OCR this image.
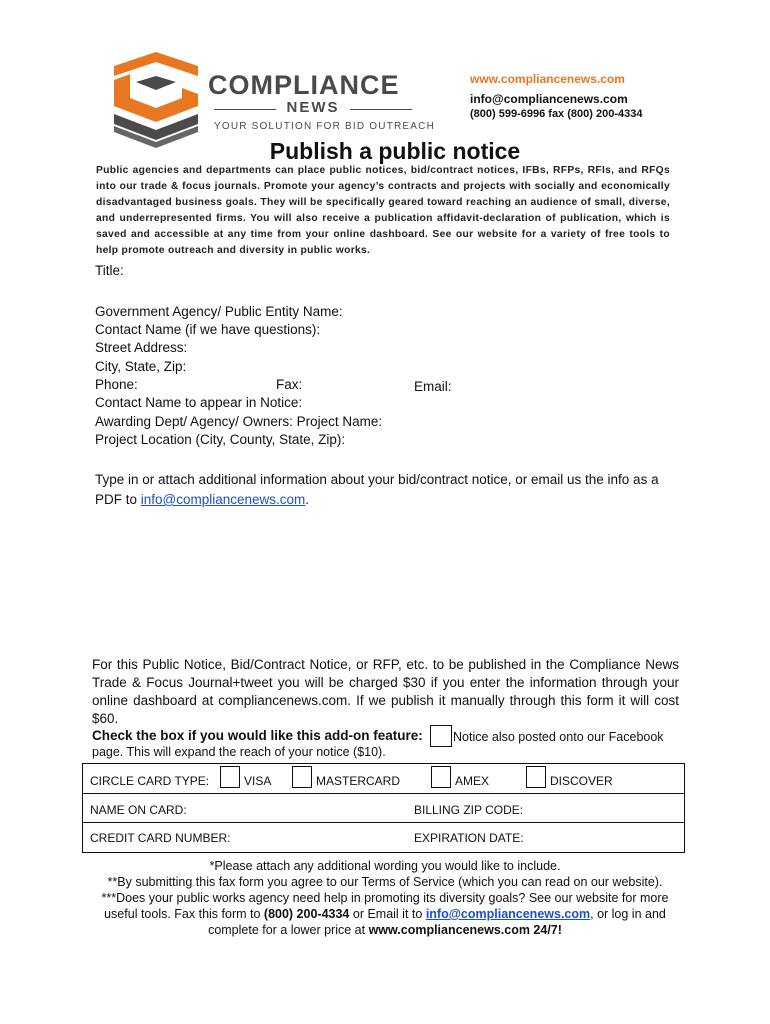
COMPLIANCE
NEWS
YOUR SOLUTION FOR BID OUTREACH
www.compliancenews.com
info@compliancenews.com
(800) 599-6996 fax (800) 200-4334
Publish a public notice
Public agencies and departments can place public notices, bid/contract notices, IFBs, RFPs, RFIs, and RFQs into our trade & focus journals. Promote your agency’s contracts and projects with socially and economically disadvantaged business goals. They will be specifically geared toward reaching an audience of small, diverse, and underrepresented firms. You will also receive a publication affidavit-declaration of publication, which is saved and accessible at any time from your online dashboard. See our website for a variety of free tools to help promote outreach and diversity in public works.
Title:
Government Agency/ Public Entity Name:
Contact Name (if we have questions):
Street Address:
City, State, Zip:
Phone:	Fax:	Email:
Contact Name to appear in Notice:
Awarding Dept/ Agency/ Owners: Project Name:
Project Location (City, County, State, Zip):
Type in or attach additional information about your bid/contract notice, or email us the info as a PDF to info@compliancenews.com.
For this Public Notice, Bid/Contract Notice, or RFP, etc. to be published in the Compliance News Trade & Focus Journal+tweet you will be charged $30 if you enter the information through your online dashboard at compliancenews.com. If we publish it manually through this form it will cost $60.
Check the box if you would like this add-on feature: Notice also posted onto our Facebook
page. This will expand the reach of your notice ($10).
CIRCLE CARD TYPE:	VISA	MASTERCARD	AMEX	DISCOVER
NAME ON CARD:	BILLING ZIP CODE:
CREDIT CARD NUMBER:	EXPIRATION DATE:
*Please attach any additional wording you would like to include.
**By submitting this fax form you agree to our Terms of Service (which you can read on our website).
***Does your public works agency need help in promoting its diversity goals? See our website for more
useful tools. Fax this form to (800) 200-4334 or Email it to info@compliancenews.com, or log in and
complete for a lower price at www.compliancenews.com 24/7!
